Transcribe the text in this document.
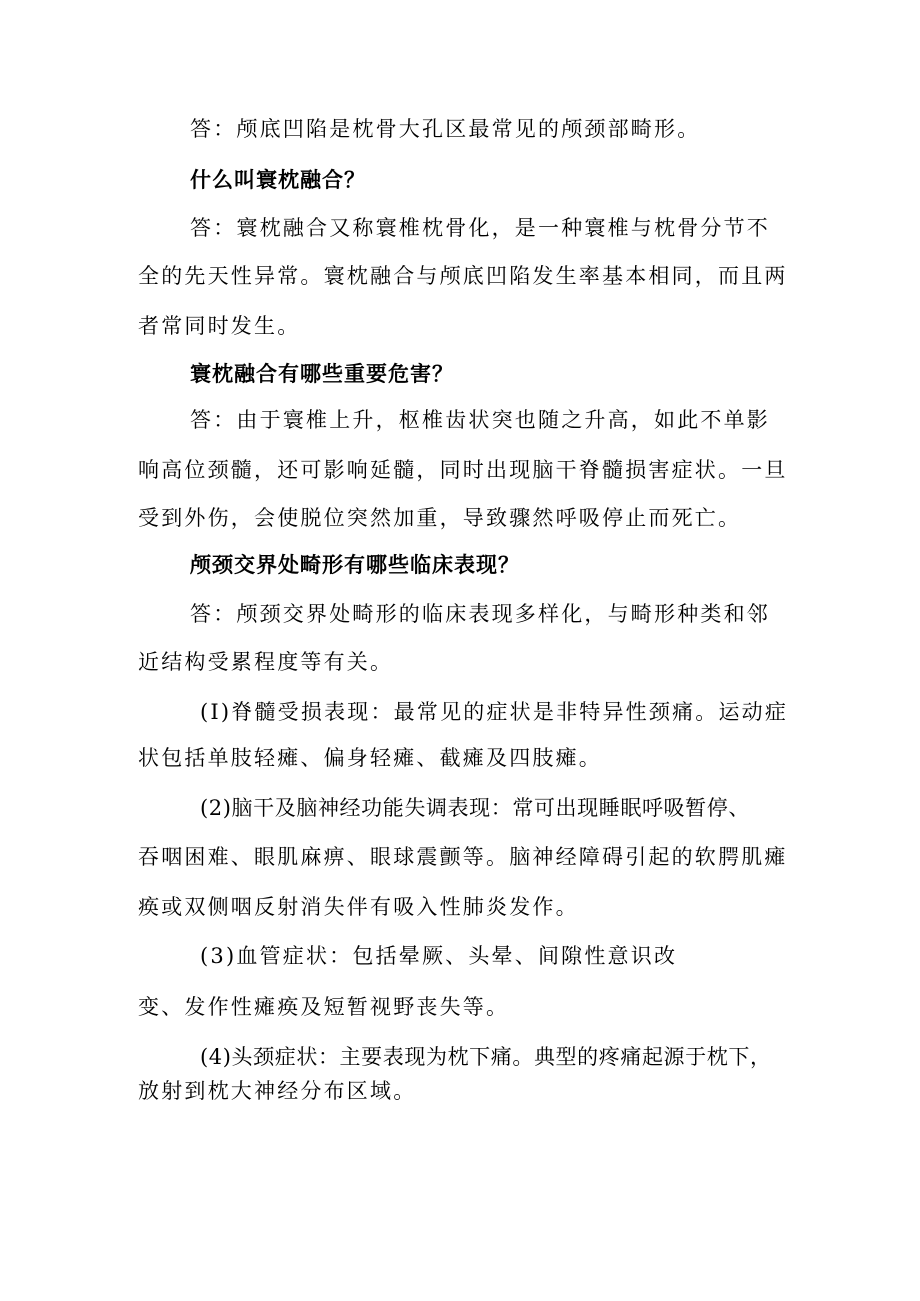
答：颅底凹陷是枕骨大孔区最常见的颅颈部畸形。
什么叫寰枕融合？
答：寰枕融合又称寰椎枕骨化，是一种寰椎与枕骨分节不
全的先天性异常。寰枕融合与颅底凹陷发生率基本相同，而且两
者常同时发生。
寰枕融合有哪些重要危害？
答：由于寰椎上升，枢椎齿状突也随之升高，如此不单影
响高位颈髓，还可影响延髓，同时出现脑干脊髓损害症状。一旦
受到外伤，会使脱位突然加重，导致骤然呼吸停止而死亡。
颅颈交界处畸形有哪些临床表现？
答：颅颈交界处畸形的临床表现多样化，与畸形种类和邻
近结构受累程度等有关。
(I)脊髓受损表现：最常见的症状是非特异性颈痛。运动症
状包括单肢轻瘫、偏身轻瘫、截瘫及四肢瘫。
(2)脑干及脑神经功能失调表现：常可出现睡眠呼吸暂停、
吞咽困难、眼肌麻痹、眼球震颤等。脑神经障碍引起的软腭肌瘫
痪或双侧咽反射消失伴有吸入性肺炎发作。
(3)血管症状：包括晕厥、头晕、间隙性意识改
变、发作性瘫痪及短暂视野丧失等。
(4)头颈症状：主要表现为枕下痛。典型的疼痛起源于枕下，
放射到枕大神经分布区域。
